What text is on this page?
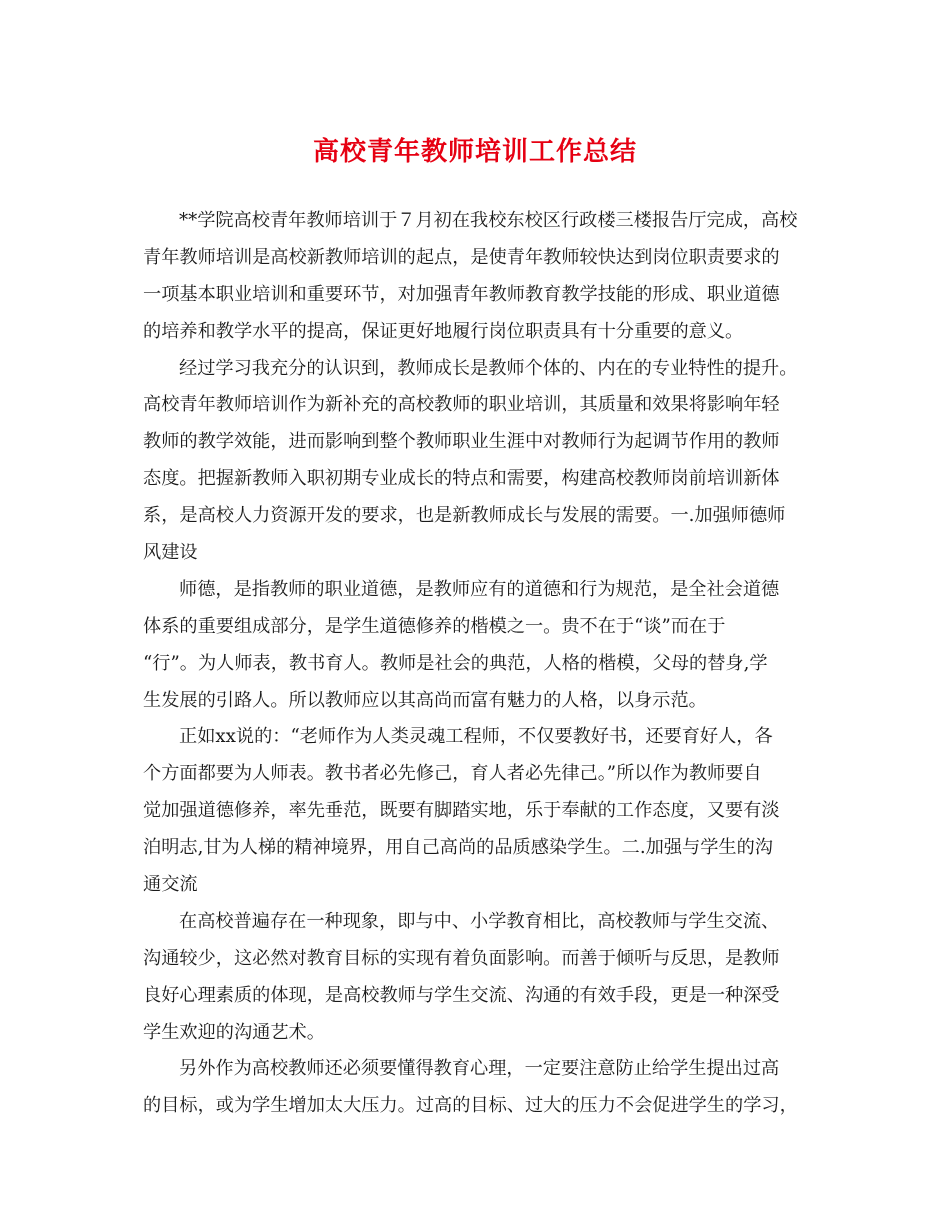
高校青年教师培训工作总结
**学院高校青年教师培训于７月初在我校东校区行政楼三楼报告厅完成，高校
青年教师培训是高校新教师培训的起点，是使青年教师较快达到岗位职责要求的
一项基本职业培训和重要环节，对加强青年教师教育教学技能的形成、职业道德
的培养和教学水平的提高，保证更好地履行岗位职责具有十分重要的意义。
经过学习我充分的认识到，教师成长是教师个体的、内在的专业特性的提升。
高校青年教师培训作为新补充的高校教师的职业培训，其质量和效果将影响年轻
教师的教学效能，进而影响到整个教师职业生涯中对教师行为起调节作用的教师
态度。把握新教师入职初期专业成长的特点和需要，构建高校教师岗前培训新体
系，是高校人力资源开发的要求，也是新教师成长与发展的需要。一.加强师德师
风建设
师德，是指教师的职业道德，是教师应有的道德和行为规范，是全社会道德
体系的重要组成部分，是学生道德修养的楷模之一。贵不在于“谈”而在于
“行”。为人师表，教书育人。教师是社会的典范，人格的楷模，父母的替身,学
生发展的引路人。所以教师应以其高尚而富有魅力的人格，以身示范。
正如xx说的：“老师作为人类灵魂工程师，不仅要教好书，还要育好人，各
个方面都要为人师表。教书者必先修己，育人者必先律己。”所以作为教师要自
觉加强道德修养，率先垂范，既要有脚踏实地，乐于奉献的工作态度，又要有淡
泊明志,甘为人梯的精神境界，用自己高尚的品质感染学生。二.加强与学生的沟
通交流
在高校普遍存在一种现象，即与中、小学教育相比，高校教师与学生交流、
沟通较少，这必然对教育目标的实现有着负面影响。而善于倾听与反思，是教师
良好心理素质的体现，是高校教师与学生交流、沟通的有效手段，更是一种深受
学生欢迎的沟通艺术。
另外作为高校教师还必须要懂得教育心理，一定要注意防止给学生提出过高
的目标，或为学生增加太大压力。过高的目标、过大的压力不会促进学生的学习，
